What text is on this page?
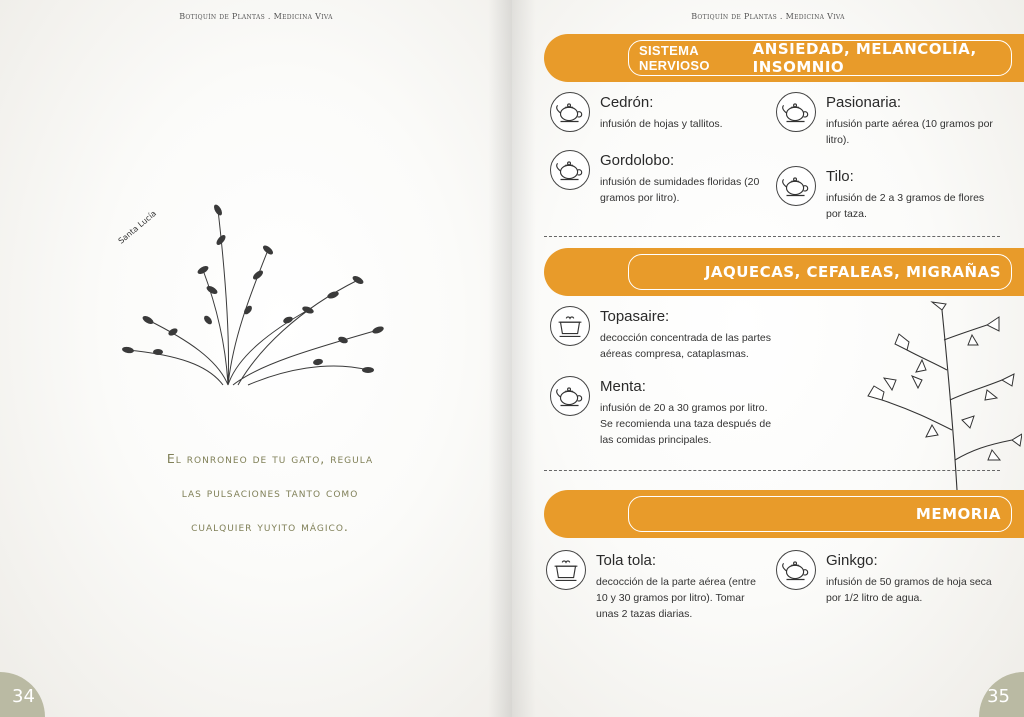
Botiquín de Plantas . Medicina Viva
Santa Lucía
El ronroneo de tu gato, regula
las pulsaciones tanto como
cualquier yuyito mágico.
34
Botiquín de Plantas . Medicina Viva
SISTEMA NERVIOSO
ANSIEDAD, MELANCOLÍA, INSOMNIO
Cedrón:
infusión de hojas y tallitos.
Pasionaria:
infusión parte aérea (10 gramos por litro).
Gordolobo:
infusión de sumidades floridas (20 gramos por litro).
Tilo:
infusión de 2 a 3 gramos de flores por taza.
JAQUECAS, CEFALEAS, MIGRAÑAS
Topasaire:
decocción concentrada de las partes aéreas compresa, cataplasmas.
Menta:
infusión de 20 a 30 gramos por litro. Se recomienda una taza después de las comidas principales.
MEMORIA
Tola tola:
decocción de la parte aérea (entre 10 y 30 gramos por litro). Tomar unas 2 tazas diarias.
Ginkgo:
infusión de 50 gramos de hoja seca por 1/2 litro de agua.
35
